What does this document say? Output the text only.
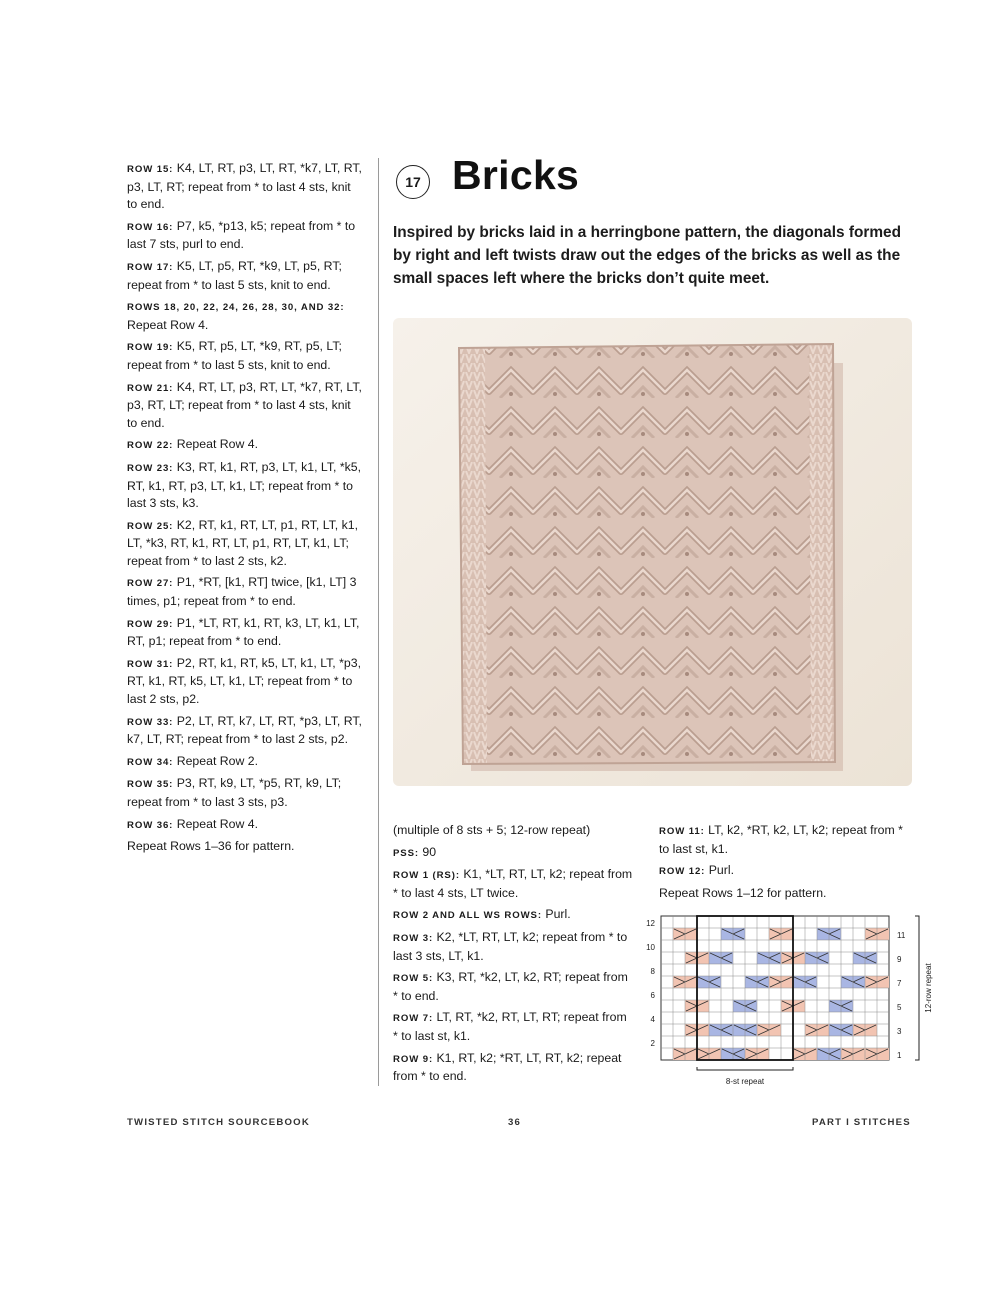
ROW 15: K4, LT, RT, p3, LT, RT, *k7, LT, RT, p3, LT, RT; repeat from * to last 4 sts, knit to end.

ROW 16: P7, k5, *p13, k5; repeat from * to last 7 sts, purl to end.

ROW 17: K5, LT, p5, RT, *k9, LT, p5, RT; repeat from * to last 5 sts, knit to end.

ROWS 18, 20, 22, 24, 26, 28, 30, AND 32: Repeat Row 4.

ROW 19: K5, RT, p5, LT, *k9, RT, p5, LT; repeat from * to last 5 sts, knit to end.

ROW 21: K4, RT, LT, p3, RT, LT, *k7, RT, LT, p3, RT, LT; repeat from * to last 4 sts, knit to end.

ROW 22: Repeat Row 4.

ROW 23: K3, RT, k1, RT, p3, LT, k1, LT, *k5, RT, k1, RT, p3, LT, k1, LT; repeat from * to last 3 sts, k3.

ROW 25: K2, RT, k1, RT, LT, p1, RT, LT, k1, LT, *k3, RT, k1, RT, LT, p1, RT, LT, k1, LT; repeat from * to last 2 sts, k2.

ROW 27: P1, *RT, [k1, RT] twice, [k1, LT] 3 times, p1; repeat from * to end.

ROW 29: P1, *LT, RT, k1, RT, k3, LT, k1, LT, RT, p1; repeat from * to end.

ROW 31: P2, RT, k1, RT, k5, LT, k1, LT, *p3, RT, k1, RT, k5, LT, k1, LT; repeat from * to last 2 sts, p2.

ROW 33: P2, LT, RT, k7, LT, RT, *p3, LT, RT, k7, LT, RT; repeat from * to last 2 sts, p2.

ROW 34: Repeat Row 2.

ROW 35: P3, RT, k9, LT, *p5, RT, k9, LT; repeat from * to last 3 sts, p3.

ROW 36: Repeat Row 4.

Repeat Rows 1–36 for pattern.

17 Bricks
Inspired by bricks laid in a herringbone pattern, the diagonals formed by right and left twists draw out the edges of the bricks as well as the small spaces left where the bricks don’t quite meet.

(multiple of 8 sts + 5; 12-row repeat)

PSS: 90

ROW 1 (RS): K1, *LT, RT, LT, k2; repeat from * to last 4 sts, LT twice.

ROW 2 AND ALL WS ROWS: Purl.

ROW 3: K2, *LT, RT, LT, k2; repeat from * to last 3 sts, LT, k1.

ROW 5: K3, RT, *k2, LT, k2, RT; repeat from * to end.

ROW 7: LT, RT, *k2, RT, LT, RT; repeat from * to last st, k1.

ROW 9: K1, RT, k2; *RT, LT, RT, k2; repeat from * to end.

ROW 11: LT, k2, *RT, k2, LT, k2; repeat from * to last st, k1.

ROW 12: Purl.

Repeat Rows 1–12 for pattern.

12
10
8
6
4
2
11
9
7
5
3
1
8-st repeat
12-row repeat
TWISTED STITCH SOURCEBOOK	36	PART I STITCHES
